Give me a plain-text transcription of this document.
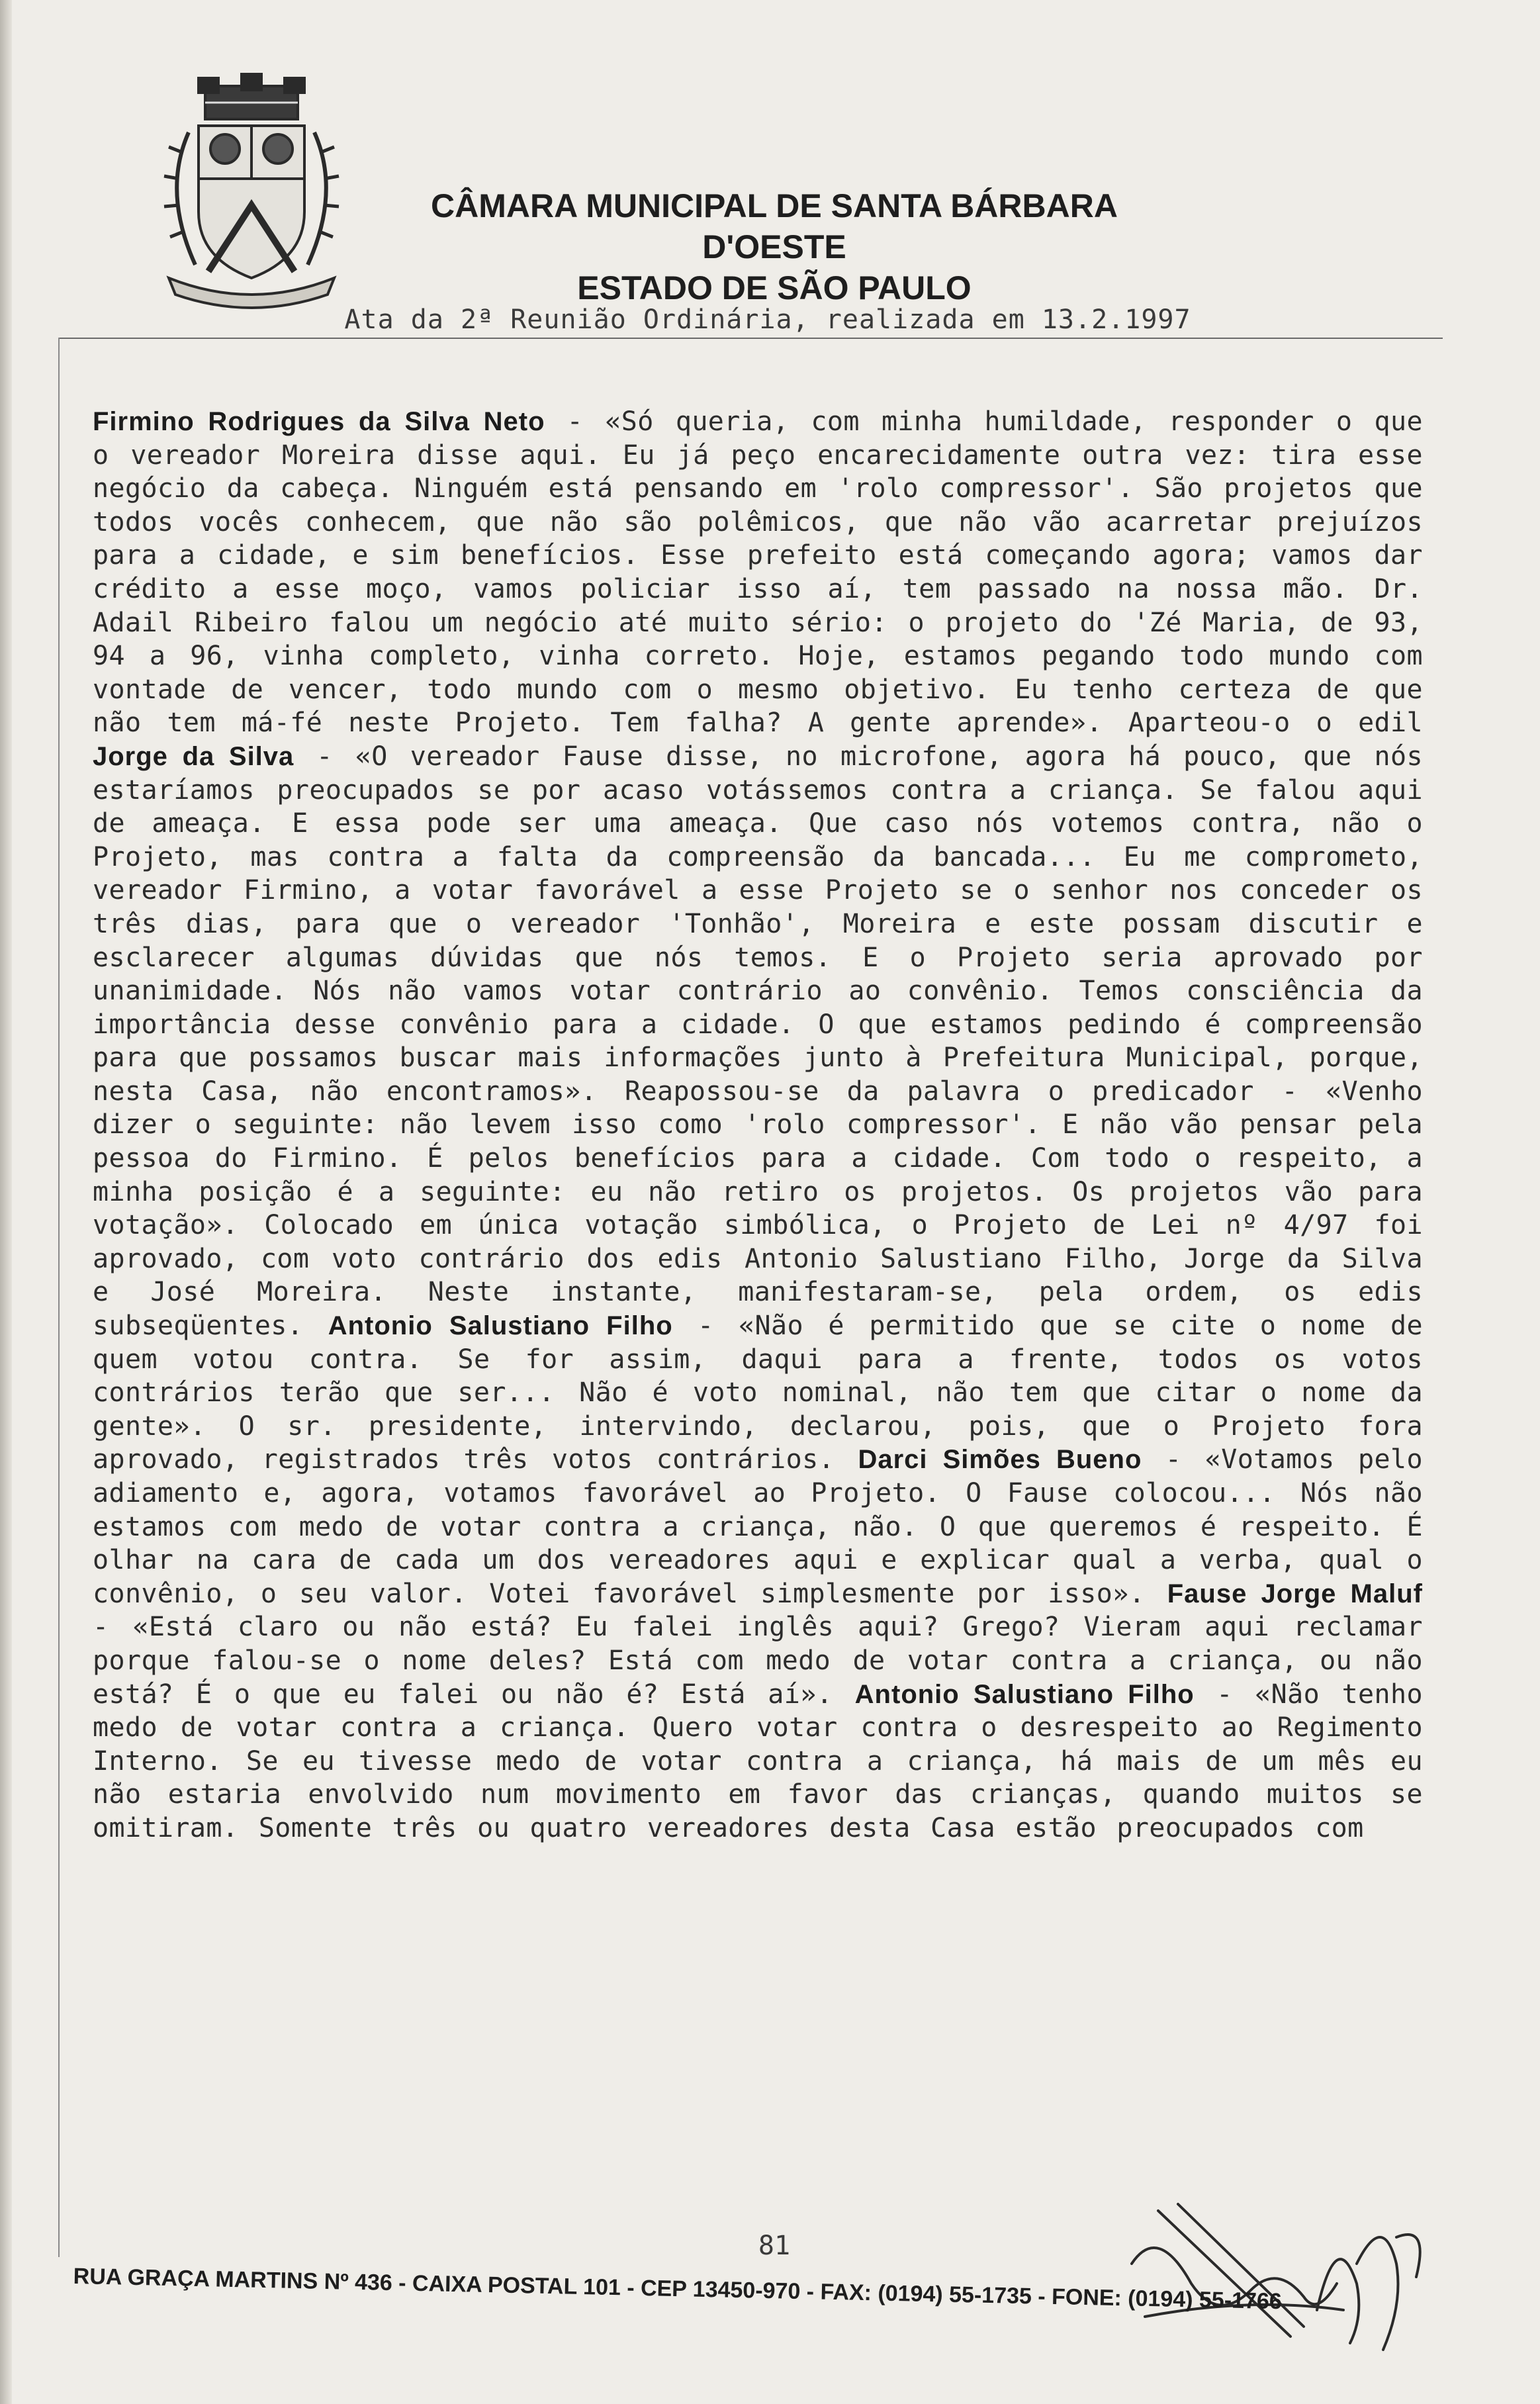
CÂMARA MUNICIPAL DE SANTA BÁRBARA D'OESTE
ESTADO DE SÃO PAULO
Ata da 2ª Reunião Ordinária, realizada em 13.2.1997
Firmino Rodrigues da Silva Neto - «Só queria, com minha humildade, responder o que o vereador Moreira disse aqui. Eu já peço encarecidamente outra vez: tira esse negócio da cabeça. Ninguém está pensando em 'rolo compressor'. São projetos que todos vocês conhecem, que não são polêmicos, que não vão acarretar prejuízos para a cidade, e sim benefícios. Esse prefeito está começando agora; vamos dar crédito a esse moço, vamos policiar isso aí, tem passado na nossa mão. Dr. Adail Ribeiro falou um negócio até muito sério: o projeto do 'Zé Maria, de 93, 94 a 96, vinha completo, vinha correto. Hoje, estamos pegando todo mundo com vontade de vencer, todo mundo com o mesmo objetivo. Eu tenho certeza de que não tem má-fé neste Projeto. Tem falha? A gente aprende». Aparteou-o o edil Jorge da Silva - «O vereador Fause disse, no microfone, agora há pouco, que nós estaríamos preocupados se por acaso votássemos contra a criança. Se falou aqui de ameaça. E essa pode ser uma ameaça. Que caso nós votemos contra, não o Projeto, mas contra a falta da compreensão da bancada... Eu me comprometo, vereador Firmino, a votar favorável a esse Projeto se o senhor nos conceder os três dias, para que o vereador 'Tonhão', Moreira e este possam discutir e esclarecer algumas dúvidas que nós temos. E o Projeto seria aprovado por unanimidade. Nós não vamos votar contrário ao convênio. Temos consciência da importância desse convênio para a cidade. O que estamos pedindo é compreensão para que possamos buscar mais informações junto à Prefeitura Municipal, porque, nesta Casa, não encontramos». Reapossou-se da palavra o predicador - «Venho dizer o seguinte: não levem isso como 'rolo compressor'. E não vão pensar pela pessoa do Firmino. É pelos benefícios para a cidade. Com todo o respeito, a minha posição é a seguinte: eu não retiro os projetos. Os projetos vão para votação». Colocado em única votação simbólica, o Projeto de Lei nº 4/97 foi aprovado, com voto contrário dos edis Antonio Salustiano Filho, Jorge da Silva e José Moreira. Neste instante, manifestaram-se, pela ordem, os edis subseqüentes. Antonio Salustiano Filho - «Não é permitido que se cite o nome de quem votou contra. Se for assim, daqui para a frente, todos os votos contrários terão que ser... Não é voto nominal, não tem que citar o nome da gente». O sr. presidente, intervindo, declarou, pois, que o Projeto fora aprovado, registrados três votos contrários. Darci Simões Bueno - «Votamos pelo adiamento e, agora, votamos favorável ao Projeto. O Fause colocou... Nós não estamos com medo de votar contra a criança, não. O que queremos é respeito. É olhar na cara de cada um dos vereadores aqui e explicar qual a verba, qual o convênio, o seu valor. Votei favorável simplesmente por isso». Fause Jorge Maluf - «Está claro ou não está? Eu falei inglês aqui? Grego? Vieram aqui reclamar porque falou-se o nome deles? Está com medo de votar contra a criança, ou não está? É o que eu falei ou não é? Está aí». Antonio Salustiano Filho - «Não tenho medo de votar contra a criança. Quero votar contra o desrespeito ao Regimento Interno. Se eu tivesse medo de votar contra a criança, há mais de um mês eu não estaria envolvido num movimento em favor das crianças, quando muitos se omitiram. Somente três ou quatro vereadores desta Casa estão preocupados com
81
RUA GRAÇA MARTINS Nº 436 - CAIXA POSTAL 101 - CEP 13450-970 - FAX: (0194) 55-1735 - FONE: (0194) 55-1766
